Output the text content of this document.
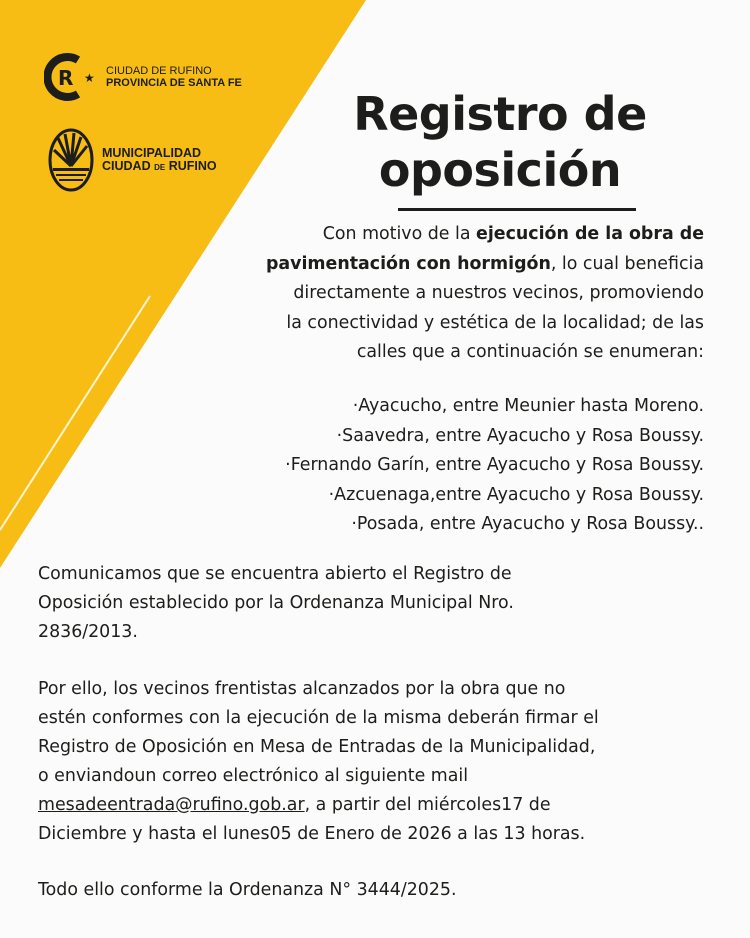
R ★ CIUDAD DE RUFINO
PROVINCIA DE SANTA FE
MUNICIPALIDAD
CIUDAD DE RUFINO
Registro de
oposición
Con motivo de la ejecución de la obra de
pavimentación con hormigón, lo cual beneficia
directamente a nuestros vecinos, promoviendo
la conectividad y estética de la localidad; de las
calles que a continuación se enumeran:
·Ayacucho, entre Meunier hasta Moreno.
·Saavedra, entre Ayacucho y Rosa Boussy.
·Fernando Garín, entre Ayacucho y Rosa Boussy.
·Azcuenaga,entre Ayacucho y Rosa Boussy.
·Posada, entre Ayacucho y Rosa Boussy..
Comunicamos que se encuentra abierto el Registro de
Oposición establecido por la Ordenanza Municipal Nro.
2836/2013.
Por ello, los vecinos frentistas alcanzados por la obra que no
estén conformes con la ejecución de la misma deberán firmar el
Registro de Oposición en Mesa de Entradas de la Municipalidad,
o enviandoun correo electrónico al siguiente mail
mesadeentrada@rufino.gob.ar, a partir del miércoles17 de
Diciembre y hasta el lunes05 de Enero de 2026 a las 13 horas.
Todo ello conforme la Ordenanza N° 3444/2025.
